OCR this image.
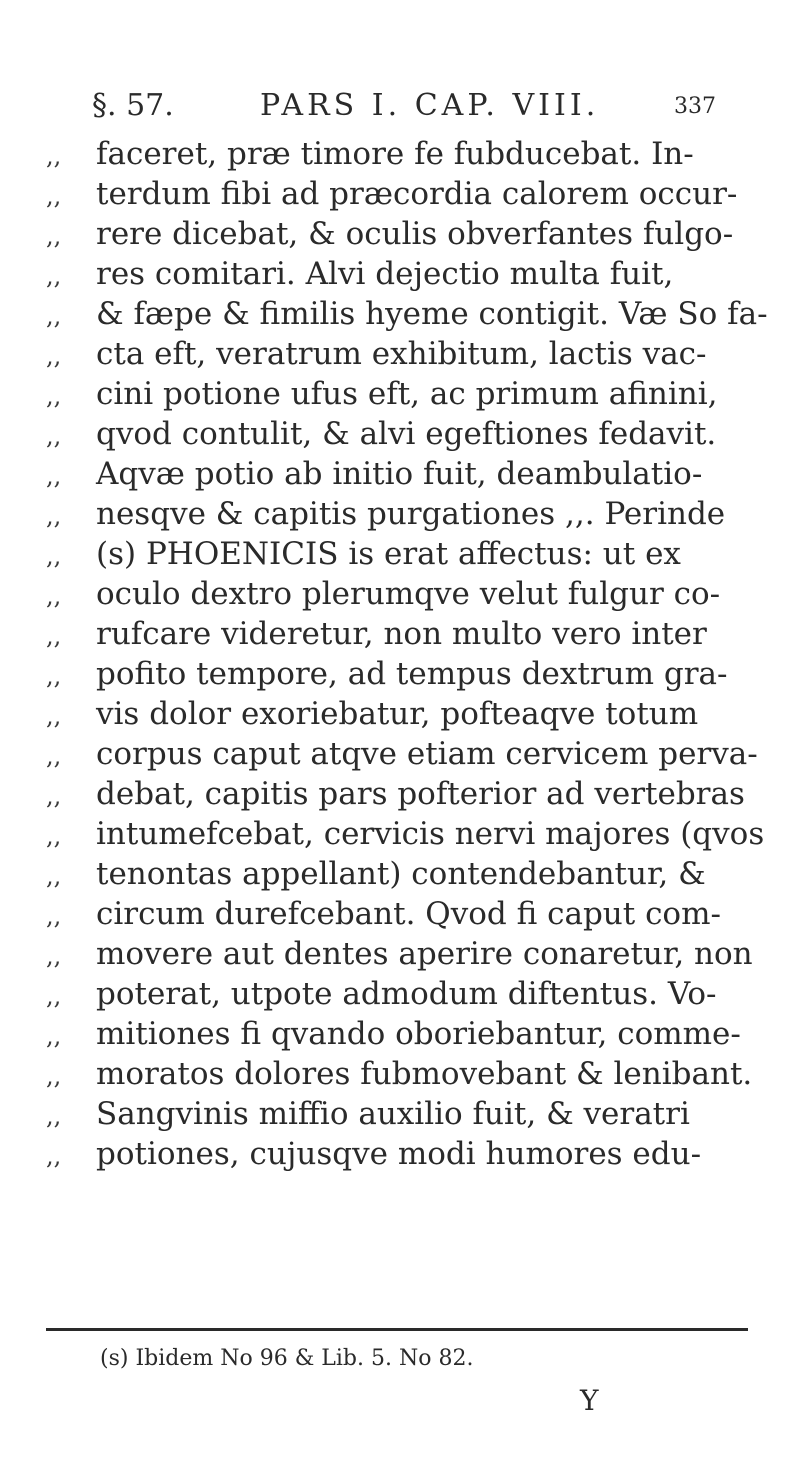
§. 57.	PARS I. CAP. VIII.	337
,, faceret, præ timore fe fubducebat. In-
,, terdum fibi ad præcordia calorem occur-
,, rere dicebat, & oculis obverfantes fulgo-
,, res comitari. Alvi dejectio multa fuit,
,, & fæpe & fimilis hyeme contigit. Væ So fa-
,, cta eft, veratrum exhibitum, lactis vac-
,, cini potione ufus eft, ac primum afinini,
,, qvod contulit, & alvi egeftiones fedavit.
,, Aqvæ potio ab initio fuit, deambulatio-
,, nesqve & capitis purgationes ,,. Perinde
,, (s) PHOENICIS is erat affectus: ut ex
,, oculo dextro plerumqve velut fulgur co-
,, rufcare videretur, non multo vero inter
,, pofito tempore, ad tempus dextrum gra-
,, vis dolor exoriebatur, pofteaqve totum
,, corpus caput atqve etiam cervicem perva-
,, debat, capitis pars pofterior ad vertebras
,, intumefcebat, cervicis nervi majores (qvos
,, tenontas appellant) contendebantur, &
,, circum durefcebant. Qvod fi caput com-
,, movere aut dentes aperire conaretur, non
,, poterat, utpote admodum diftentus. Vo-
,, mitiones fi qvando oboriebantur, comme-
,, moratos dolores fubmovebant & lenibant.
,, Sangvinis miffio auxilio fuit, & veratri
,, potiones, cujusqve modi humores edu-
(s) Ibidem No 96 & Lib. 5. No 82.
Y
